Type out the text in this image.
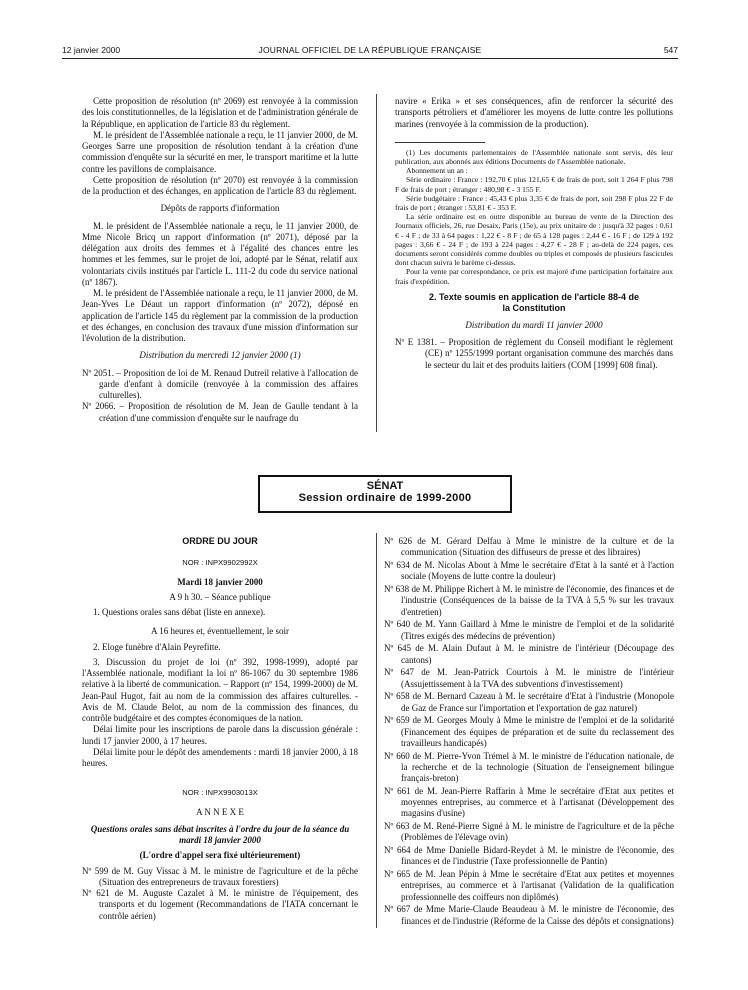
12 janvier 2000	JOURNAL OFFICIEL DE LA RÉPUBLIQUE FRANÇAISE	547

Cette proposition de résolution (nº 2069) est renvoyée à la commission des lois constitutionnelles, de la législation et de l'administration générale de la République, en application de l'article 83 du règlement.

M. le président de l'Assemblée nationale a reçu, le 11 janvier 2000, de M. Georges Sarre une proposition de résolution tendant à la création d'une commission d'enquête sur la sécurité en mer, le transport maritime et la lutte contre les pavillons de complaisance.

Cette proposition de résolution (nº 2070) est renvoyée à la commission de la production et des échanges, en application de l'article 83 du règlement.

Dépôts de rapports d'information

M. le président de l'Assemblée nationale a reçu, le 11 janvier 2000, de Mme Nicole Bricq un rapport d'information (nº 2071), déposé par la délégation aux droits des femmes et à l'égalité des chances entre les hommes et les femmes, sur le projet de loi, adopté par le Sénat, relatif aux volontariats civils institués par l'article L. 111-2 du code du service national (nº 1867).

M. le président de l'Assemblée nationale a reçu, le 11 janvier 2000, de M. Jean-Yves Le Déaut un rapport d'information (nº 2072), déposé en application de l'article 145 du règlement par la commission de la production et des échanges, en conclusion des travaux d'une mission d'information sur l'évolution de la distribution.

Distribution du mercredi 12 janvier 2000 (1)

Nº 2051. – Proposition de loi de M. Renaud Dutreil relative à l'allocation de garde d'enfant à domicile (renvoyée à la commission des affaires culturelles).

Nº 2066. – Proposition de résolution de M. Jean de Gaulle tendant à la création d'une commission d'enquête sur le naufrage du

navire « Erika » et ses conséquences, afin de renforcer la sécurité des transports pétroliers et d'améliorer les moyens de lutte contre les pollutions marines (renvoyée à la commission de la production).

(1) Les documents parlementaires de l'Assemblée nationale sont servis, dès leur publication, aux abonnés aux éditions Documents de l'Assemblée nationale.

Abonnement un an :

Série ordinaire : France : 192,70 € plus 121,65 € de frais de port, soit 1 264 F plus 798 F de frais de port ; étranger : 480,98 € - 3 155 F.

Série budgétaire : France : 45,43 € plus 3,35 € de frais de port, soit 298 F plus 22 F de frais de port ; étranger : 53,81 € - 353 F.

La série ordinaire est en outre disponible au bureau de vente de la Direction des Journaux officiels, 26, rue Desaix, Paris (15e), au prix unitaire de : jusqu'à 32 pages : 0,61 € - 4 F ; de 33 à 64 pages : 1,22 € - 8 F ; de 65 à 128 pages : 2,44 € - 16 F ; de 129 à 192 pages : 3,66 € - 24 F ; de 193 à 224 pages : 4,27 € - 28 F ; au-delà de 224 pages, ces documents seront considérés comme doubles ou triples et composés de plusieurs fascicules dont chacun suivra le barème ci-dessus.

Pour la vente par correspondance, ce prix est majoré d'une participation forfaitaire aux frais d'expédition.

2. Texte soumis en application de l'article 88-4 de la Constitution

Distribution du mardi 11 janvier 2000

Nº E 1381. – Proposition de règlement du Conseil modifiant le règlement (CE) nº 1255/1999 portant organisation commune des marchés dans le secteur du lait et des produits laitiers (COM [1999] 608 final).

SÉNAT
Session ordinaire de 1999-2000

ORDRE DU JOUR

NOR : INPX9902992X

Mardi 18 janvier 2000

A 9 h 30. – Séance publique

1. Questions orales sans débat (liste en annexe).

A 16 heures et, éventuellement, le soir

2. Eloge funèbre d'Alain Peyrefitte.

3. Discussion du projet de loi (nº 392, 1998-1999), adopté par l'Assemblée nationale, modifiant la loi nº 86-1067 du 30 septembre 1986 relative à la liberté de communication. – Rapport (nº 154, 1999-2000) de M. Jean-Paul Hugot, fait au nom de la commission des affaires culturelles. - Avis de M. Claude Belot, au nom de la commission des finances, du contrôle budgétaire et des comptes économiques de la nation.

Délai limite pour les inscriptions de parole dans la discussion générale : lundi 17 janvier 2000, à 17 heures.

Délai limite pour le dépôt des amendements : mardi 18 janvier 2000, à 18 heures.

NOR : INPX9903013X

A N N E X E

Questions orales sans débat inscrites à l'ordre du jour de la séance du mardi 18 janvier 2000

(L'ordre d'appel sera fixé ultérieurement)

Nº 599 de M. Guy Vissac à M. le ministre de l'agriculture et de la pêche (Situation des entrepreneurs de travaux forestiers)

Nº 621 de M. Auguste Cazalet à M. le ministre de l'équipement, des transports et du logement (Recommandations de l'IATA concernant le contrôle aérien)

Nº 626 de M. Gérard Delfau à Mme le ministre de la culture et de la communication (Situation des diffuseurs de presse et des libraires)

Nº 634 de M. Nicolas About à Mme le secrétaire d'Etat à la santé et à l'action sociale (Moyens de lutte contre la douleur)

Nº 638 de M. Philippe Richert à M. le ministre de l'économie, des finances et de l'industrie (Conséquences de la baisse de la TVA à 5,5 % sur les travaux d'entretien)

Nº 640 de M. Yann Gaillard à Mme le ministre de l'emploi et de la solidarité (Titres exigés des médecins de prévention)

Nº 645 de M. Alain Dufaut à M. le ministre de l'intérieur (Découpage des cantons)

Nº 647 de M. Jean-Patrick Courtois à M. le ministre de l'intérieur (Assujettissement à la TVA des subventions d'investissement)

Nº 658 de M. Bernard Cazeau à M. le secrétaire d'Etat à l'industrie (Monopole de Gaz de France sur l'importation et l'exportation de gaz naturel)

Nº 659 de M. Georges Mouly à Mme le ministre de l'emploi et de la solidarité (Financement des équipes de préparation et de suite du reclassement des travailleurs handicapés)

Nº 660 de M. Pierre-Yvon Trémel à M. le ministre de l'éducation nationale, de la recherche et de la technologie (Situation de l'enseignement bilingue français-breton)

Nº 661 de M. Jean-Pierre Raffarin à Mme le secrétaire d'Etat aux petites et moyennes entreprises, au commerce et à l'artisanat (Développement des magasins d'usine)

Nº 663 de M. René-Pierre Signé à M. le ministre de l'agriculture et de la pêche (Problèmes de l'élevage ovin)

Nº 664 de Mme Danielle Bidard-Reydet à M. le ministre de l'économie, des finances et de l'industrie (Taxe professionnelle de Pantin)

Nº 665 de M. Jean Pépin à Mme le secrétaire d'Etat aux petites et moyennes entreprises, au commerce et à l'artisanat (Validation de la qualification professionnelle des coiffeurs non diplômés)

Nº 667 de Mme Marie-Claude Beaudeau à M. le ministre de l'économie, des finances et de l'industrie (Réforme de la Caisse des dépôts et consignations)
